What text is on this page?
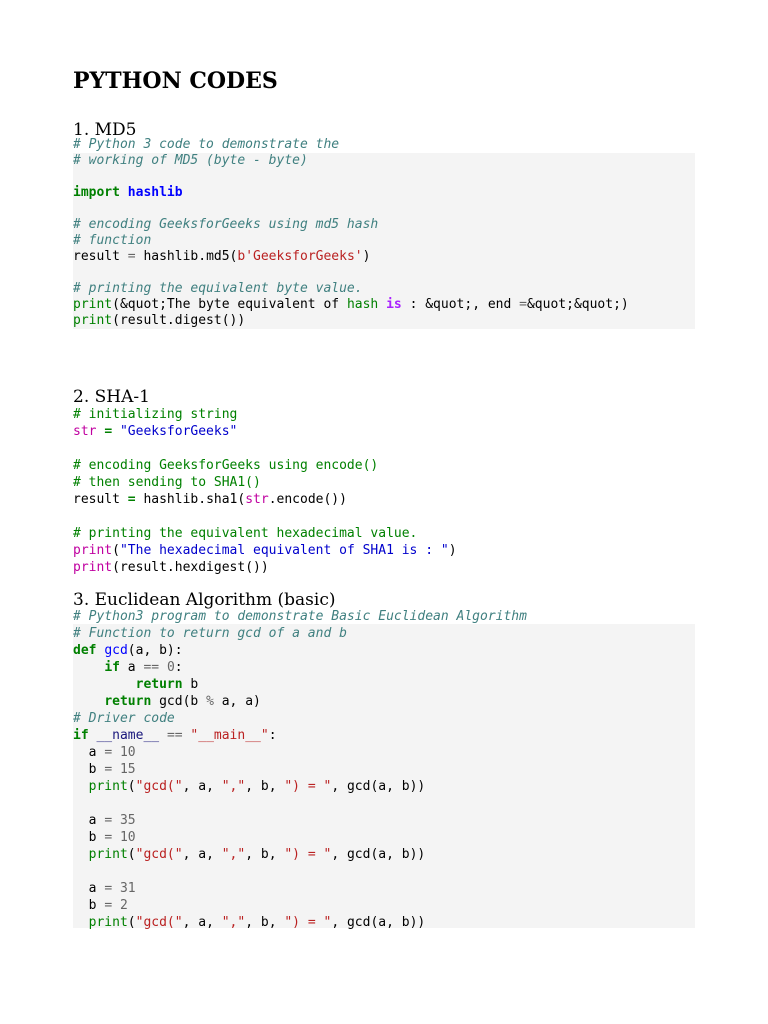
PYTHON CODES
1. MD5
# Python 3 code to demonstrate the
# working of MD5 (byte - byte)

import hashlib

# encoding GeeksforGeeks using md5 hash
# function
result = hashlib.md5(b'GeeksforGeeks')

# printing the equivalent byte value.
print(&quot;The byte equivalent of hash is : &quot;, end =&quot;&quot;)
print(result.digest())
2. SHA-1
# initializing string
str = "GeeksforGeeks"

# encoding GeeksforGeeks using encode()
# then sending to SHA1()
result = hashlib.sha1(str.encode())

# printing the equivalent hexadecimal value.
print("The hexadecimal equivalent of SHA1 is : ")
print(result.hexdigest())
3. Euclidean Algorithm (basic)
# Python3 program to demonstrate Basic Euclidean Algorithm
# Function to return gcd of a and b
def gcd(a, b):
if a == 0:
return b
return gcd(b % a, a)
# Driver code
if __name__ == "__main__":
a = 10
b = 15
print("gcd(", a, ",", b, ") = ", gcd(a, b))

a = 35
b = 10
print("gcd(", a, ",", b, ") = ", gcd(a, b))

a = 31
b = 2
print("gcd(", a, ",", b, ") = ", gcd(a, b))
